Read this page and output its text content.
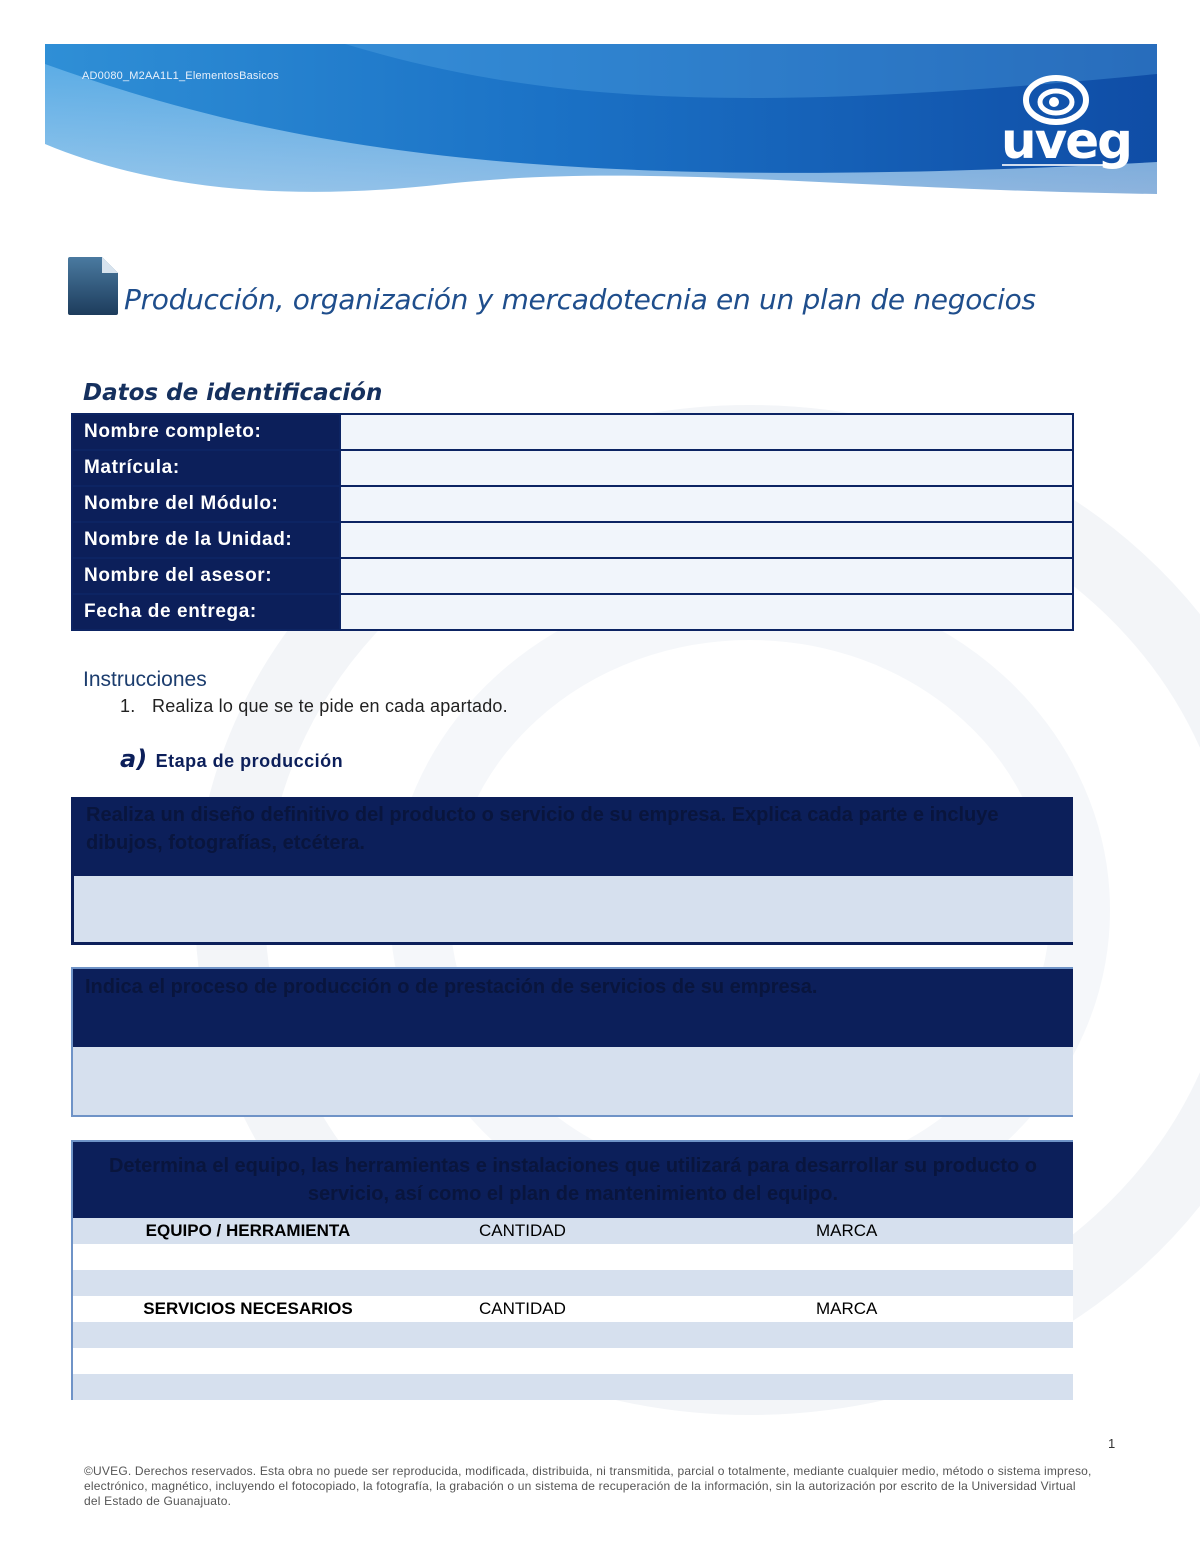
AD0080_M2AA1L1_ElementosBasicos
uveg
Producción, organización y mercadotecnia en un plan de negocios
Datos de identificación
Nombre completo:	
Matrícula:	
Nombre del Módulo:	
Nombre de la Unidad:	
Nombre del asesor:	
Fecha de entrega:	
Instrucciones
1. Realiza lo que se te pide en cada apartado.
a) Etapa de producción
Realiza un diseño definitivo del producto o servicio de su empresa. Explica cada parte e incluye dibujos, fotografías, etcétera.
Indica el proceso de producción o de prestación de servicios de su empresa.
Determina el equipo, las herramientas e instalaciones que utilizará para desarrollar su producto o servicio, así como el plan de mantenimiento del equipo.
EQUIPO / HERRAMIENTA	CANTIDAD	MARCA
SERVICIOS NECESARIOS	CANTIDAD	MARCA
1
©UVEG. Derechos reservados. Esta obra no puede ser reproducida, modificada, distribuida, ni transmitida, parcial o totalmente, mediante cualquier medio, método o sistema impreso, electrónico, magnético, incluyendo el fotocopiado, la fotografía, la grabación o un sistema de recuperación de la información, sin la autorización por escrito de la Universidad Virtual del Estado de Guanajuato.
